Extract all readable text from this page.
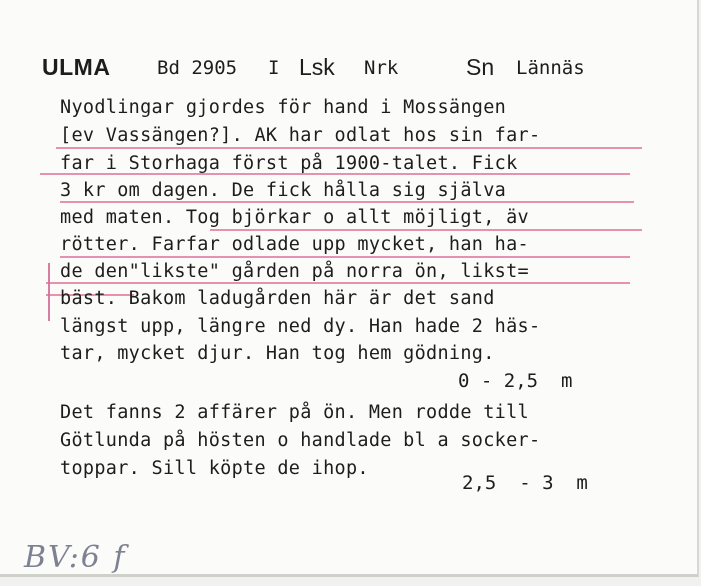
ULMA Bd 2905 I Lsk Nrk	Sn Lännäs
Nyodlingar gjordes för hand i Mossängen
[ev Vassängen?]. AK har odlat hos sin far-
far i Storhaga först på 1900-talet. Fick
3 kr om dagen. De fick hålla sig själva
med maten. Tog björkar o allt möjligt, äv
rötter. Farfar odlade upp mycket, han ha-
de den"likste" gården på norra ön, likst=
bäst. Bakom ladugården här är det sand
längst upp, längre ned dy. Han hade 2 häs-
tar, mycket djur. Han tog hem gödning.
0 - 2,5  m
Det fanns 2 affärer på ön. Men rodde till
Götlunda på hösten o handlade bl a socker-
toppar. Sill köpte de ihop.
2,5  - 3  m
BV:6 f
